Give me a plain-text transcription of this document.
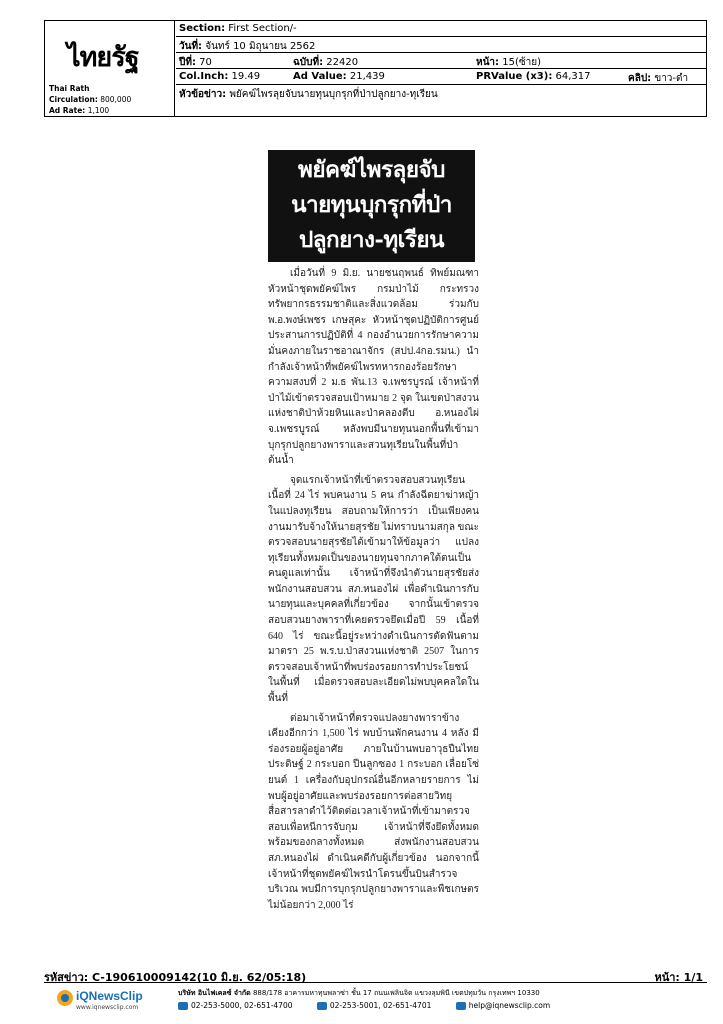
ไทยรัฐ
Thai Rath
Circulation: 800,000
Ad Rate: 1,100
Section: First Section/-
วันที่: จันทร์ 10 มิถุนายน 2562
ปีที่: 70	ฉบับที่: 22420	หน้า: 15(ซ้าย)
Col.Inch: 19.49	Ad Value: 21,439	PRValue (x3): 64,317	คลิป: ขาว-ดำ
หัวข้อข่าว: พยัคฆ์ไพรลุยจับนายทุนบุกรุกที่ป่าปลูกยาง-ทุเรียน
พยัคฆ์ไพรลุยจับ
นายทุนบุกรุกที่ป่า
ปลูกยาง-ทุเรียน

เมื่อวันที่ 9 มิ.ย. นายชนฤพนธ์ ทิพย์มณฑา หัวหน้าชุดพยัคฆ์ไพร กรมป่าไม้ กระทรวงทรัพยากรธรรมชาติและสิ่งแวดล้อม ร่วมกับ พ.อ.พงษ์เพชร เกษสุคะ หัวหน้าชุดปฏิบัติการศูนย์ประสานการปฏิบัติที่ 4 กองอำนวยการรักษาความมั่นคงภายในราชอาณาจักร (สปป.4กอ.รมน.) นำกำลังเจ้าหน้าที่พยัคฆ์ไพรทหารกองร้อยรักษาความสงบที่ 2 ม.ธ พัน.13 จ.เพชรบูรณ์ เจ้าหน้าที่ป่าไม้เข้าตรวจสอบเป้าหมาย 2 จุด ในเขตป่าสงวนแห่งชาติป่าห้วยหินและป่าคลองตีบ อ.หนองไผ่ จ.เพชรบูรณ์ หลังพบมีนายทุนนอกพื้นที่เข้ามาบุกรุกปลูกยางพาราและสวนทุเรียนในพื้นที่ป่าต้นน้ำ

จุดแรกเจ้าหน้าที่เข้าตรวจสอบสวนทุเรียนเนื้อที่ 24 ไร่ พบคนงาน 5 คน กำลังฉีดยาฆ่าหญ้าในแปลงทุเรียน สอบถามให้การว่า เป็นเพียงคนงานมารับจ้างให้นายสุรชัย ไม่ทราบนามสกุล ขณะตรวจสอบนายสุรชัยได้เข้ามาให้ข้อมูลว่า แปลงทุเรียนทั้งหมดเป็นของนายทุนจากภาคใต้ตนเป็นคนดูแลเท่านั้น เจ้าหน้าที่จึงนำตัวนายสุรชัยส่งพนักงานสอบสวน สภ.หนองไผ่ เพื่อดำเนินการกับนายทุนและบุคคลที่เกี่ยวข้อง จากนั้นเข้าตรวจสอบสวนยางพาราที่เคยตรวจยึดเมื่อปี 59 เนื้อที่ 640 ไร่ ขณะนี้อยู่ระหว่างดำเนินการตัดฟันตามมาตรา 25 พ.ร.บ.ป่าสงวนแห่งชาติ 2507 ในการตรวจสอบเจ้าหน้าที่พบร่องรอยการทำประโยชน์ในพื้นที่ เมื่อตรวจสอบละเอียดไม่พบบุคคลใดในพื้นที่

ต่อมาเจ้าหน้าที่ตรวจแปลงยางพาราข้างเคียงอีกกว่า 1,500 ไร่ พบบ้านพักคนงาน 4 หลัง มีร่องรอยผู้อยู่อาศัย ภายในบ้านพบอาวุธปืนไทยประดิษฐ์ 2 กระบอก ปืนลูกซอง 1 กระบอก เลื่อยโซ่ยนต์ 1 เครื่องกับอุปกรณ์อื่นอีกหลายรายการ ไม่พบผู้อยู่อาศัยและพบร่องรอยการต่อสายวิทยุสื่อสารลาดำไว้ติดต่อเวลาเจ้าหน้าที่เข้ามาตรวจสอบเพื่อหนีการจับกุม เจ้าหน้าที่จึงยึดทั้งหมดพร้อมของกลางทั้งหมด ส่งพนักงานสอบสวน สภ.หนองไผ่ ดำเนินคดีกับผู้เกี่ยวข้อง นอกจากนี้เจ้าหน้าที่ชุดพยัคฆ์ไพรนำโดรนขึ้นบินสำรวจบริเวณ พบมีการบุกรุกปลูกยางพาราและพืชเกษตรไม่น้อยกว่า 2,000 ไร่

รหัสข่าว: C-190610009142(10 มิ.ย. 62/05:18)	หน้า: 1/1
iQNewsClip
www.iqnewsclip.com
บริษัท อินไฟเคลซ์ จำกัด 888/178 อาคารมหาทุนพลาซ่า ชั้น 17 ถนนเพลินจิต แขวงลุมพินี เขตปทุมวัน กรุงเทพฯ 10330
02-253-5000, 02-651-4700	02-253-5001, 02-651-4701	help@iqnewsclip.com
